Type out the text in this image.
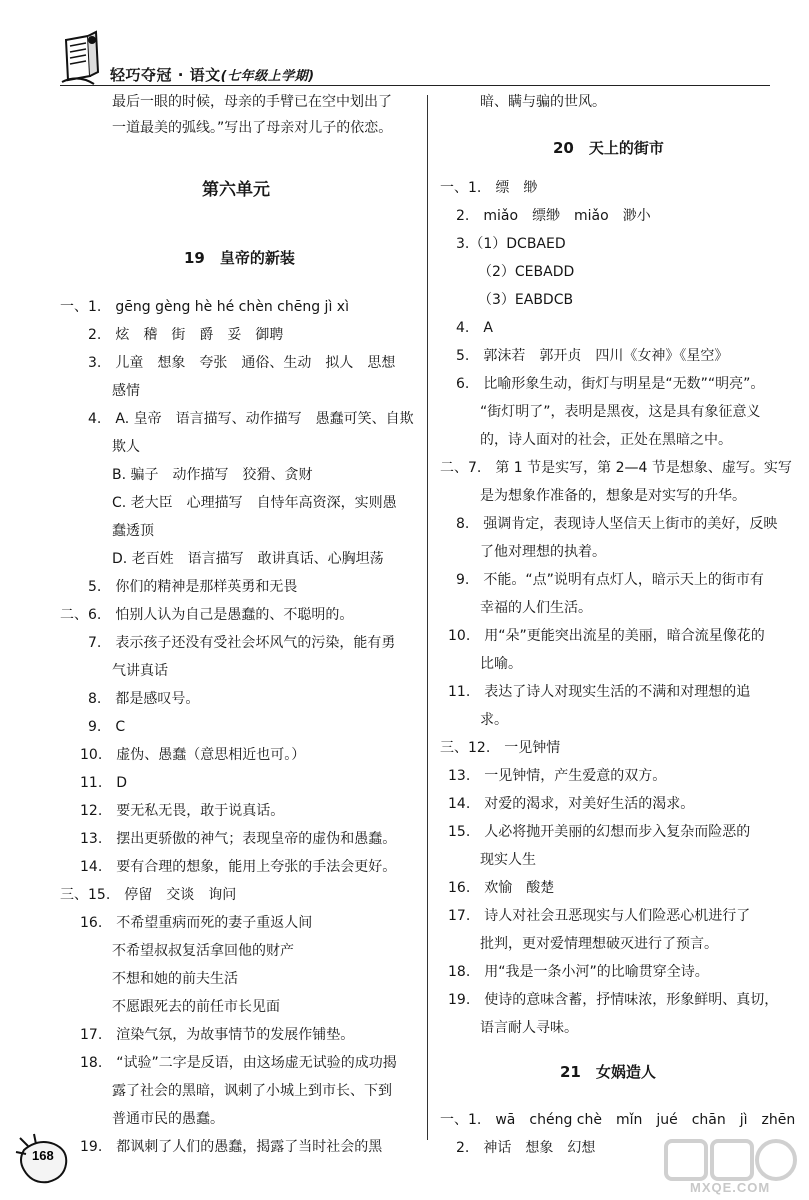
轻巧夺冠 · 语文(七年级上学期)
最后一眼的时候，母亲的手臂已在空中划出了
一道最美的弧线。”写出了母亲对儿子的依恋。
第六单元
19　皇帝的新装
一、1.　gēng gèng hè hé chèn chēng jì xì
2.　炫　稽　街　爵　妥　御聘
3.　儿童　想象　夸张　通俗、生动　拟人　思想
感情
4.　A. 皇帝　语言描写、动作描写　愚蠢可笑、自欺
欺人
B. 骗子　动作描写　狡猾、贪财
C. 老大臣　心理描写　自恃年高资深，实则愚
蠢透顶
D. 老百姓　语言描写　敢讲真话、心胸坦荡
5.　你们的精神是那样英勇和无畏
二、6.　怕别人认为自己是愚蠢的、不聪明的。
7.　表示孩子还没有受社会坏风气的污染，能有勇
气讲真话
8.　都是感叹号。
9.　C
10.　虚伪、愚蠢（意思相近也可。）
11.　D
12.　要无私无畏，敢于说真话。
13.　摆出更骄傲的神气；表现皇帝的虚伪和愚蠢。
14.　要有合理的想象，能用上夸张的手法会更好。
三、15.　停留　交谈　询问
16.　不希望重病而死的妻子重返人间
不希望叔叔复活拿回他的财产
不想和她的前夫生活
不愿跟死去的前任市长见面
17.　渲染气氛，为故事情节的发展作铺垫。
18.　“试验”二字是反语，由这场虚无试验的成功揭
露了社会的黑暗，讽刺了小城上到市长、下到
普通市民的愚蠢。
19.　都讽刺了人们的愚蠢，揭露了当时社会的黑
暗、瞒与骗的世风。
20　天上的街市
一、1.　缥　缈
2.　miǎo　缥缈　miǎo　渺小
3.（1）DCBAED
（2）CEBADD
（3）EABDCB
4.　A
5.　郭沫若　郭开贞　四川《女神》《星空》
6.　比喻形象生动，街灯与明星是“无数”“明亮”。
“街灯明了”，表明是黑夜，这是具有象征意义
的，诗人面对的社会，正处在黑暗之中。
二、7.　第 1 节是实写，第 2—4 节是想象、虚写。实写
是为想象作准备的，想象是对实写的升华。
8.　强调肯定，表现诗人坚信天上街市的美好，反映
了他对理想的执着。
9.　不能。“点”说明有点灯人，暗示天上的街市有
幸福的人们生活。
10.　用“朵”更能突出流星的美丽，暗合流星像花的
比喻。
11.　表达了诗人对现实生活的不满和对理想的追
求。
三、12.　一见钟情
13.　一见钟情，产生爱意的双方。
14.　对爱的渴求，对美好生活的渴求。
15.　人必将抛开美丽的幻想而步入复杂而险恶的
现实人生
16.　欢愉　酸楚
17.　诗人对社会丑恶现实与人们险恶心机进行了
批判，更对爱情理想破灭进行了预言。
18.　用“我是一条小河”的比喻贯穿全诗。
19.　使诗的意味含蓄，抒情味浓，形象鲜明、真切，
语言耐人寻味。
21　女娲造人
一、1.　wā　chéng chè　mǐn　jué　chān　jì　zhēn
2.　神话　想象　幻想
168
MXQE.COM
